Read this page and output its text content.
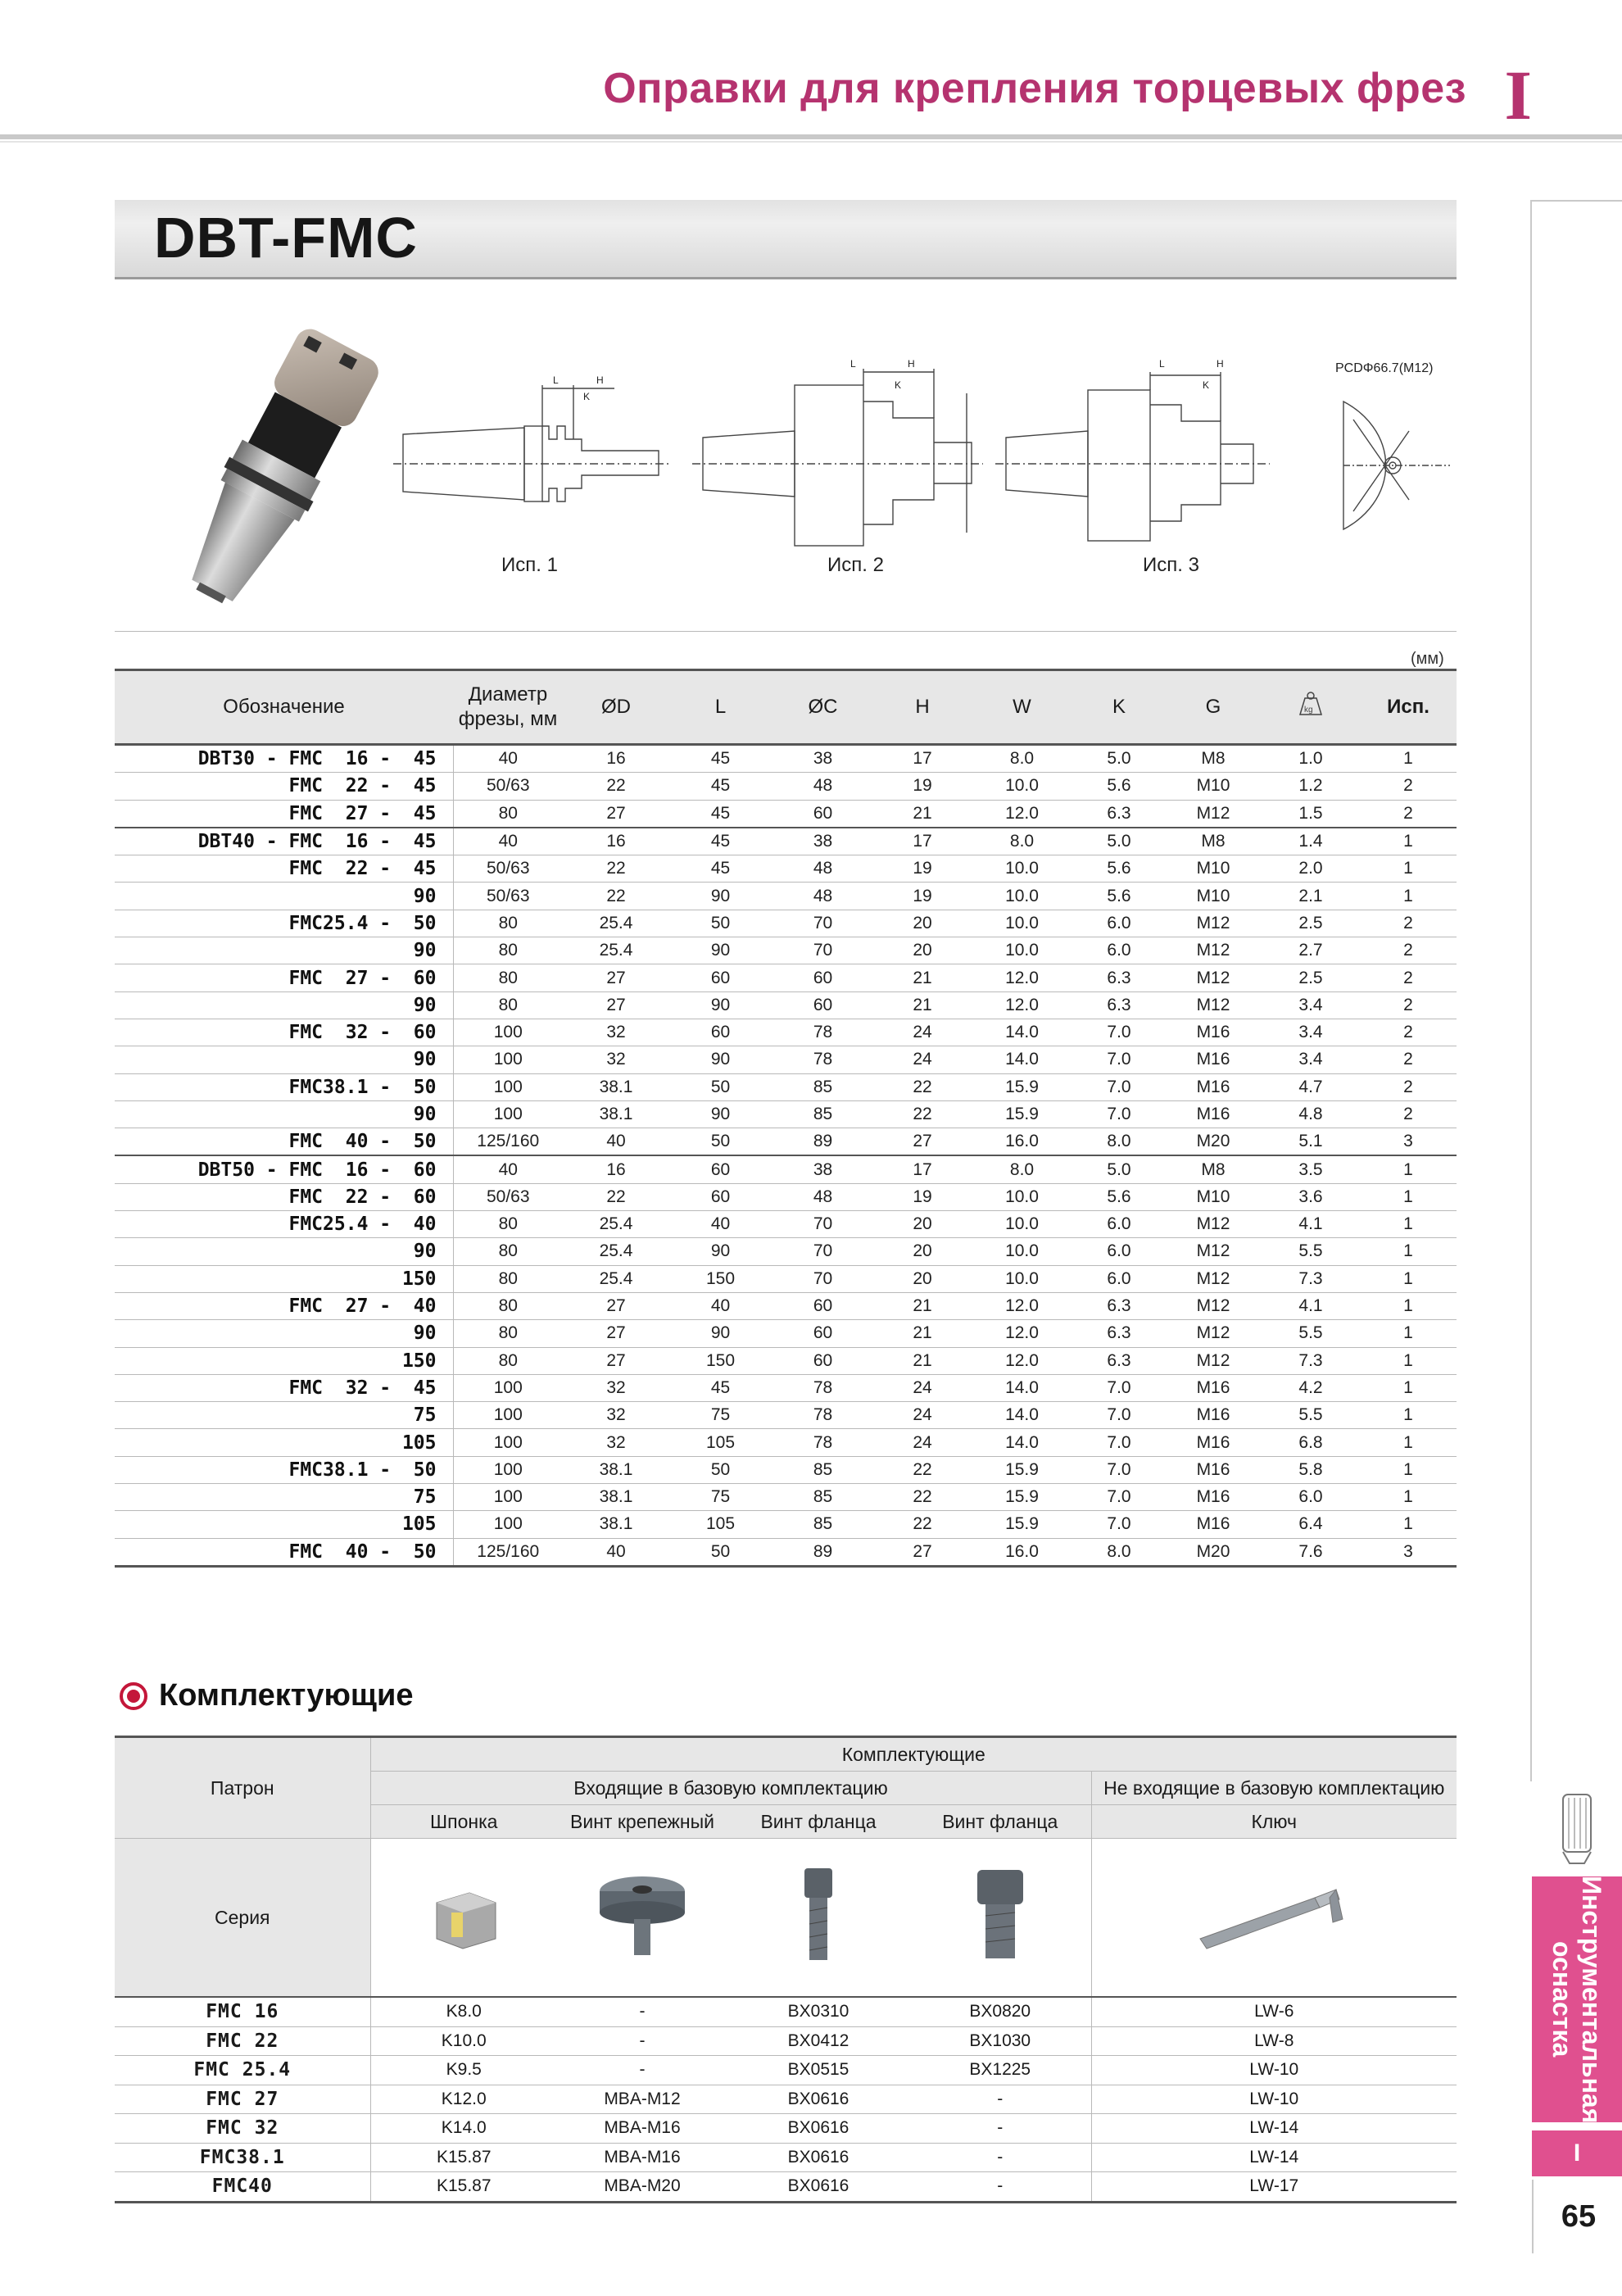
Оправки для крепления торцевых фрез I
DBT-FMC
Инструментальная оснастка
I
65
L	H
K
L	H
K
L	H
K
PCDΦ66.7(M12)
Исп. 1	Исп. 2	Исп. 3
(мм)
Обозначение	Диаметр фрезы, мм	ØD	L	ØC	H	W	K	G	kg	Исп.
DBT30 - FMC  16 -  45	40	16	45	38	17	8.0	5.0	M8	1.0	1
FMC  22 -  45	50/63	22	45	48	19	10.0	5.6	M10	1.2	2
FMC  27 -  45	80	27	45	60	21	12.0	6.3	M12	1.5	2
DBT40 - FMC  16 -  45	40	16	45	38	17	8.0	5.0	M8	1.4	1
FMC  22 -  45	50/63	22	45	48	19	10.0	5.6	M10	2.0	1
90	50/63	22	90	48	19	10.0	5.6	M10	2.1	1
FMC25.4 -  50	80	25.4	50	70	20	10.0	6.0	M12	2.5	2
90	80	25.4	90	70	20	10.0	6.0	M12	2.7	2
FMC  27 -  60	80	27	60	60	21	12.0	6.3	M12	2.5	2
90	80	27	90	60	21	12.0	6.3	M12	3.4	2
FMC  32 -  60	100	32	60	78	24	14.0	7.0	M16	3.4	2
90	100	32	90	78	24	14.0	7.0	M16	3.4	2
FMC38.1 -  50	100	38.1	50	85	22	15.9	7.0	M16	4.7	2
90	100	38.1	90	85	22	15.9	7.0	M16	4.8	2
FMC  40 -  50	125/160	40	50	89	27	16.0	8.0	M20	5.1	3
DBT50 - FMC  16 -  60	40	16	60	38	17	8.0	5.0	M8	3.5	1
FMC  22 -  60	50/63	22	60	48	19	10.0	5.6	M10	3.6	1
FMC25.4 -  40	80	25.4	40	70	20	10.0	6.0	M12	4.1	1
90	80	25.4	90	70	20	10.0	6.0	M12	5.5	1
150	80	25.4	150	70	20	10.0	6.0	M12	7.3	1
FMC  27 -  40	80	27	40	60	21	12.0	6.3	M12	4.1	1
90	80	27	90	60	21	12.0	6.3	M12	5.5	1
150	80	27	150	60	21	12.0	6.3	M12	7.3	1
FMC  32 -  45	100	32	45	78	24	14.0	7.0	M16	4.2	1
75	100	32	75	78	24	14.0	7.0	M16	5.5	1
105	100	32	105	78	24	14.0	7.0	M16	6.8	1
FMC38.1 -  50	100	38.1	50	85	22	15.9	7.0	M16	5.8	1
75	100	38.1	75	85	22	15.9	7.0	M16	6.0	1
105	100	38.1	105	85	22	15.9	7.0	M16	6.4	1
FMC  40 -  50	125/160	40	50	89	27	16.0	8.0	M20	7.6	3
Комплектующие
Патрон	Комплектующие				
	Входящие в базовую комплектацию				Не входящие в базовую комплектацию
	Шпонка	Винт крепежный	Винт фланца	Винт фланца	Ключ
Серия					
FMC 16	K8.0	-	BX0310	BX0820	LW-6
FMC 22	K10.0	-	BX0412	BX1030	LW-8
FMC 25.4	K9.5	-	BX0515	BX1225	LW-10
FMC 27	K12.0	MBA-M12	BX0616	-	LW-10
FMC 32	K14.0	MBA-M16	BX0616	-	LW-14
FMC38.1	K15.87	MBA-M16	BX0616	-	LW-14
FMC40	K15.87	MBA-M20	BX0616	-	LW-17
